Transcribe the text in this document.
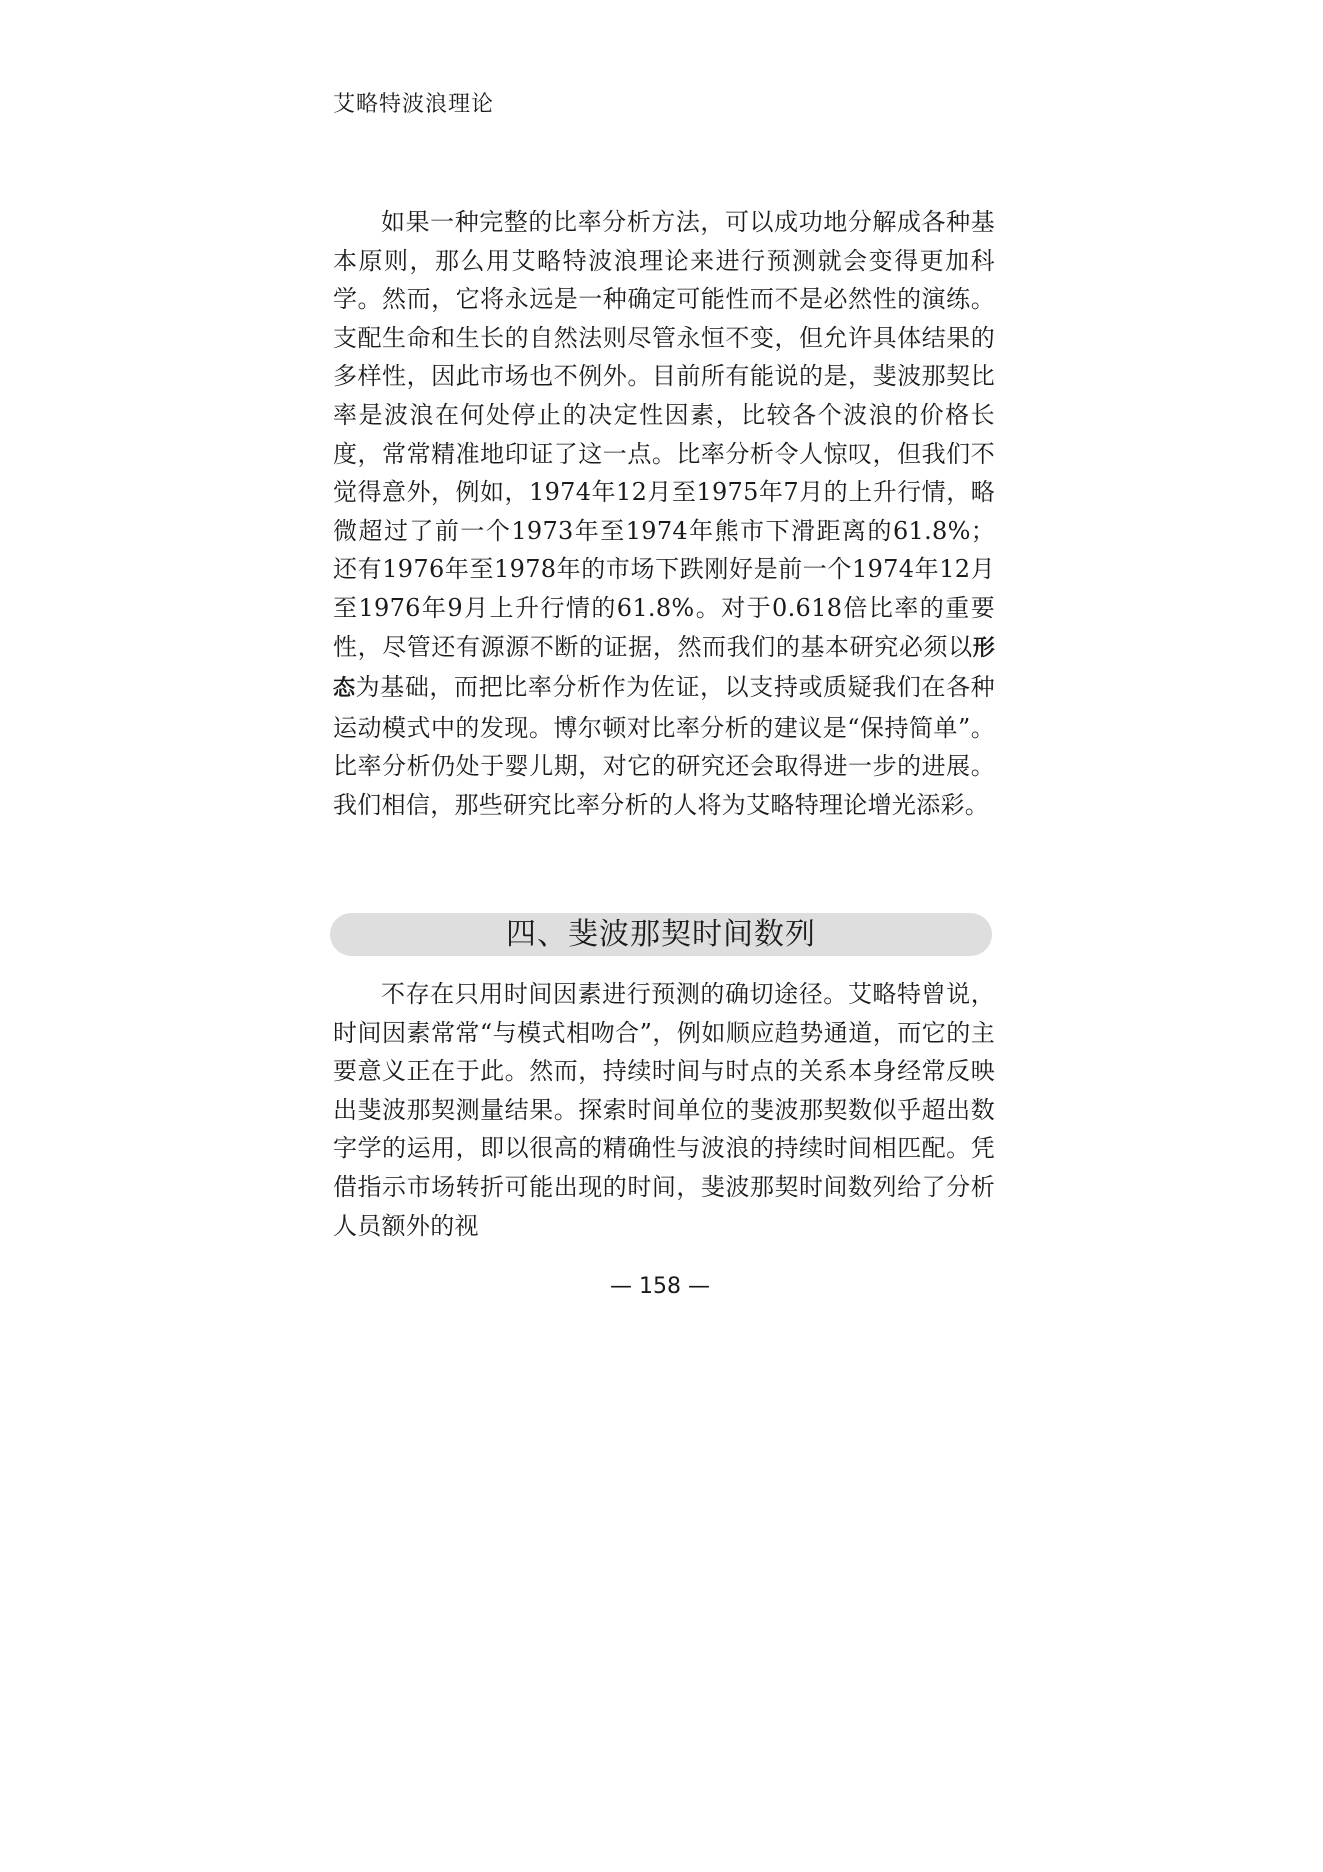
艾略特波浪理论

如果一种完整的比率分析方法，可以成功地分解成各种基本原则，那么用艾略特波浪理论来进行预测就会变得更加科学。然而，它将永远是一种确定可能性而不是必然性的演练。支配生命和生长的自然法则尽管永恒不变，但允许具体结果的多样性，因此市场也不例外。目前所有能说的是，斐波那契比率是波浪在何处停止的决定性因素，比较各个波浪的价格长度，常常精准地印证了这一点。比率分析令人惊叹，但我们不觉得意外，例如，1974年12月至1975年7月的上升行情，略微超过了前一个1973年至1974年熊市下滑距离的61.8%；还有1976年至1978年的市场下跌刚好是前一个1974年12月至1976年9月上升行情的61.8%。对于0.618倍比率的重要性，尽管还有源源不断的证据，然而我们的基本研究必须以形态为基础，而把比率分析作为佐证，以支持或质疑我们在各种运动模式中的发现。博尔顿对比率分析的建议是“保持简单”。比率分析仍处于婴儿期，对它的研究还会取得进一步的进展。我们相信，那些研究比率分析的人将为艾略特理论增光添彩。

四、斐波那契时间数列

不存在只用时间因素进行预测的确切途径。艾略特曾说，时间因素常常“与模式相吻合”，例如顺应趋势通道，而它的主要意义正在于此。然而，持续时间与时点的关系本身经常反映出斐波那契测量结果。探索时间单位的斐波那契数似乎超出数字学的运用，即以很高的精确性与波浪的持续时间相匹配。凭借指示市场转折可能出现的时间，斐波那契时间数列给了分析人员额外的视

— 158 —
